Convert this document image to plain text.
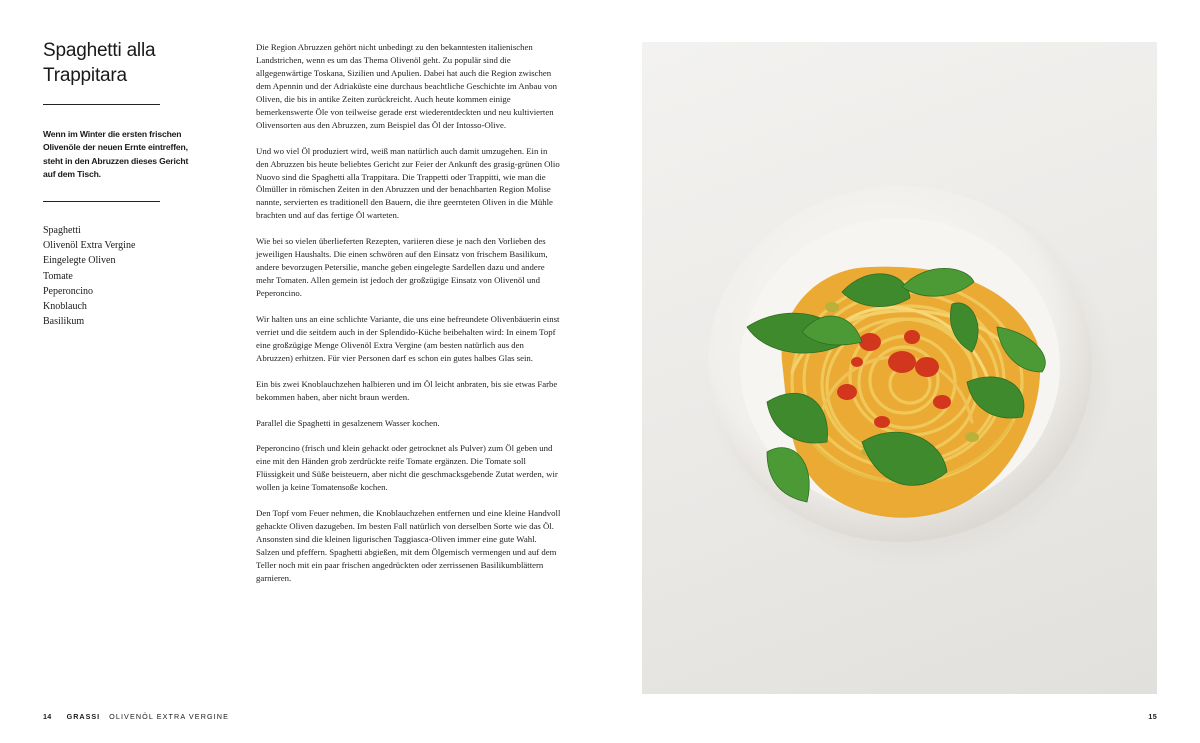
Spaghetti alla
Trappitara

Wenn im Winter die ersten frischen Olivenöle der neuen Ernte eintreffen, steht in den Abruzzen dieses Gericht auf dem Tisch.

Spaghetti
Olivenöl Extra Vergine
Eingelegte Oliven
Tomate
Peperoncino
Knoblauch
Basilikum

Die Region Abruzzen gehört nicht unbedingt zu den bekanntesten italienischen Landstrichen, wenn es um das Thema Olivenöl geht. Zu populär sind die allgegenwärtige Toskana, Sizilien und Apulien. Dabei hat auch die Region zwischen dem Apennin und der Adriaküste eine durchaus beachtliche Geschichte im Anbau von Oliven, die bis in antike Zeiten zurückreicht. Auch heute kommen einige bemerkenswerte Öle von teilweise gerade erst wiederentdeckten und neu kultivierten Olivensorten aus den Abruzzen, zum Beispiel das Öl der Intosso-Olive.

Und wo viel Öl produziert wird, weiß man natürlich auch damit umzugehen. Ein in den Abruzzen bis heute beliebtes Gericht zur Feier der Ankunft des grasig-grünen Olio Nuovo sind die Spaghetti alla Trappitara. Die Trappetti oder Trappitti, wie man die Ölmüller in römischen Zeiten in den Abruzzen und der benachbarten Region Molise nannte, servierten es traditionell den Bauern, die ihre geernteten Oliven in die Mühle brachten und auf das fertige Öl warteten.

Wie bei so vielen überlieferten Rezepten, variieren diese je nach den Vorlieben des jeweiligen Haushalts. Die einen schwören auf den Einsatz von frischem Basilikum, andere bevorzugen Petersilie, manche geben eingelegte Sardellen dazu und andere mehr Tomaten. Allen gemein ist jedoch der großzügige Einsatz von Olivenöl und Peperoncino.

Wir halten uns an eine schlichte Variante, die uns eine befreundete Olivenbäuerin einst verriet und die seitdem auch in der Splendido-Küche beibehalten wird: In einem Topf eine großzügige Menge Olivenöl Extra Vergine (am besten natürlich aus den Abruzzen) erhitzen. Für vier Personen darf es schon ein gutes halbes Glas sein.

Ein bis zwei Knoblauchzehen halbieren und im Öl leicht anbraten, bis sie etwas Farbe bekommen haben, aber nicht braun werden.

Parallel die Spaghetti in gesalzenem Wasser kochen.

Peperoncino (frisch und klein gehackt oder getrocknet als Pulver) zum Öl geben und eine mit den Händen grob zerdrückte reife Tomate ergänzen. Die Tomate soll Flüssigkeit und Süße beisteuern, aber nicht die geschmacksgebende Zutat werden, wir wollen ja keine Tomatensoße kochen.

Den Topf vom Feuer nehmen, die Knoblauchzehen entfernen und eine kleine Handvoll gehackte Oliven dazugeben. Im besten Fall natürlich von derselben Sorte wie das Öl. Ansonsten sind die kleinen ligurischen Taggiasca-Oliven immer eine gute Wahl. Salzen und pfeffern. Spaghetti abgießen, mit dem Ölgemisch vermengen und auf dem Teller noch mit ein paar frischen angedrückten oder zerrissenen Basilikumblättern garnieren.

14 GRASSI OLIVENÖL EXTRA VERGINE	15
